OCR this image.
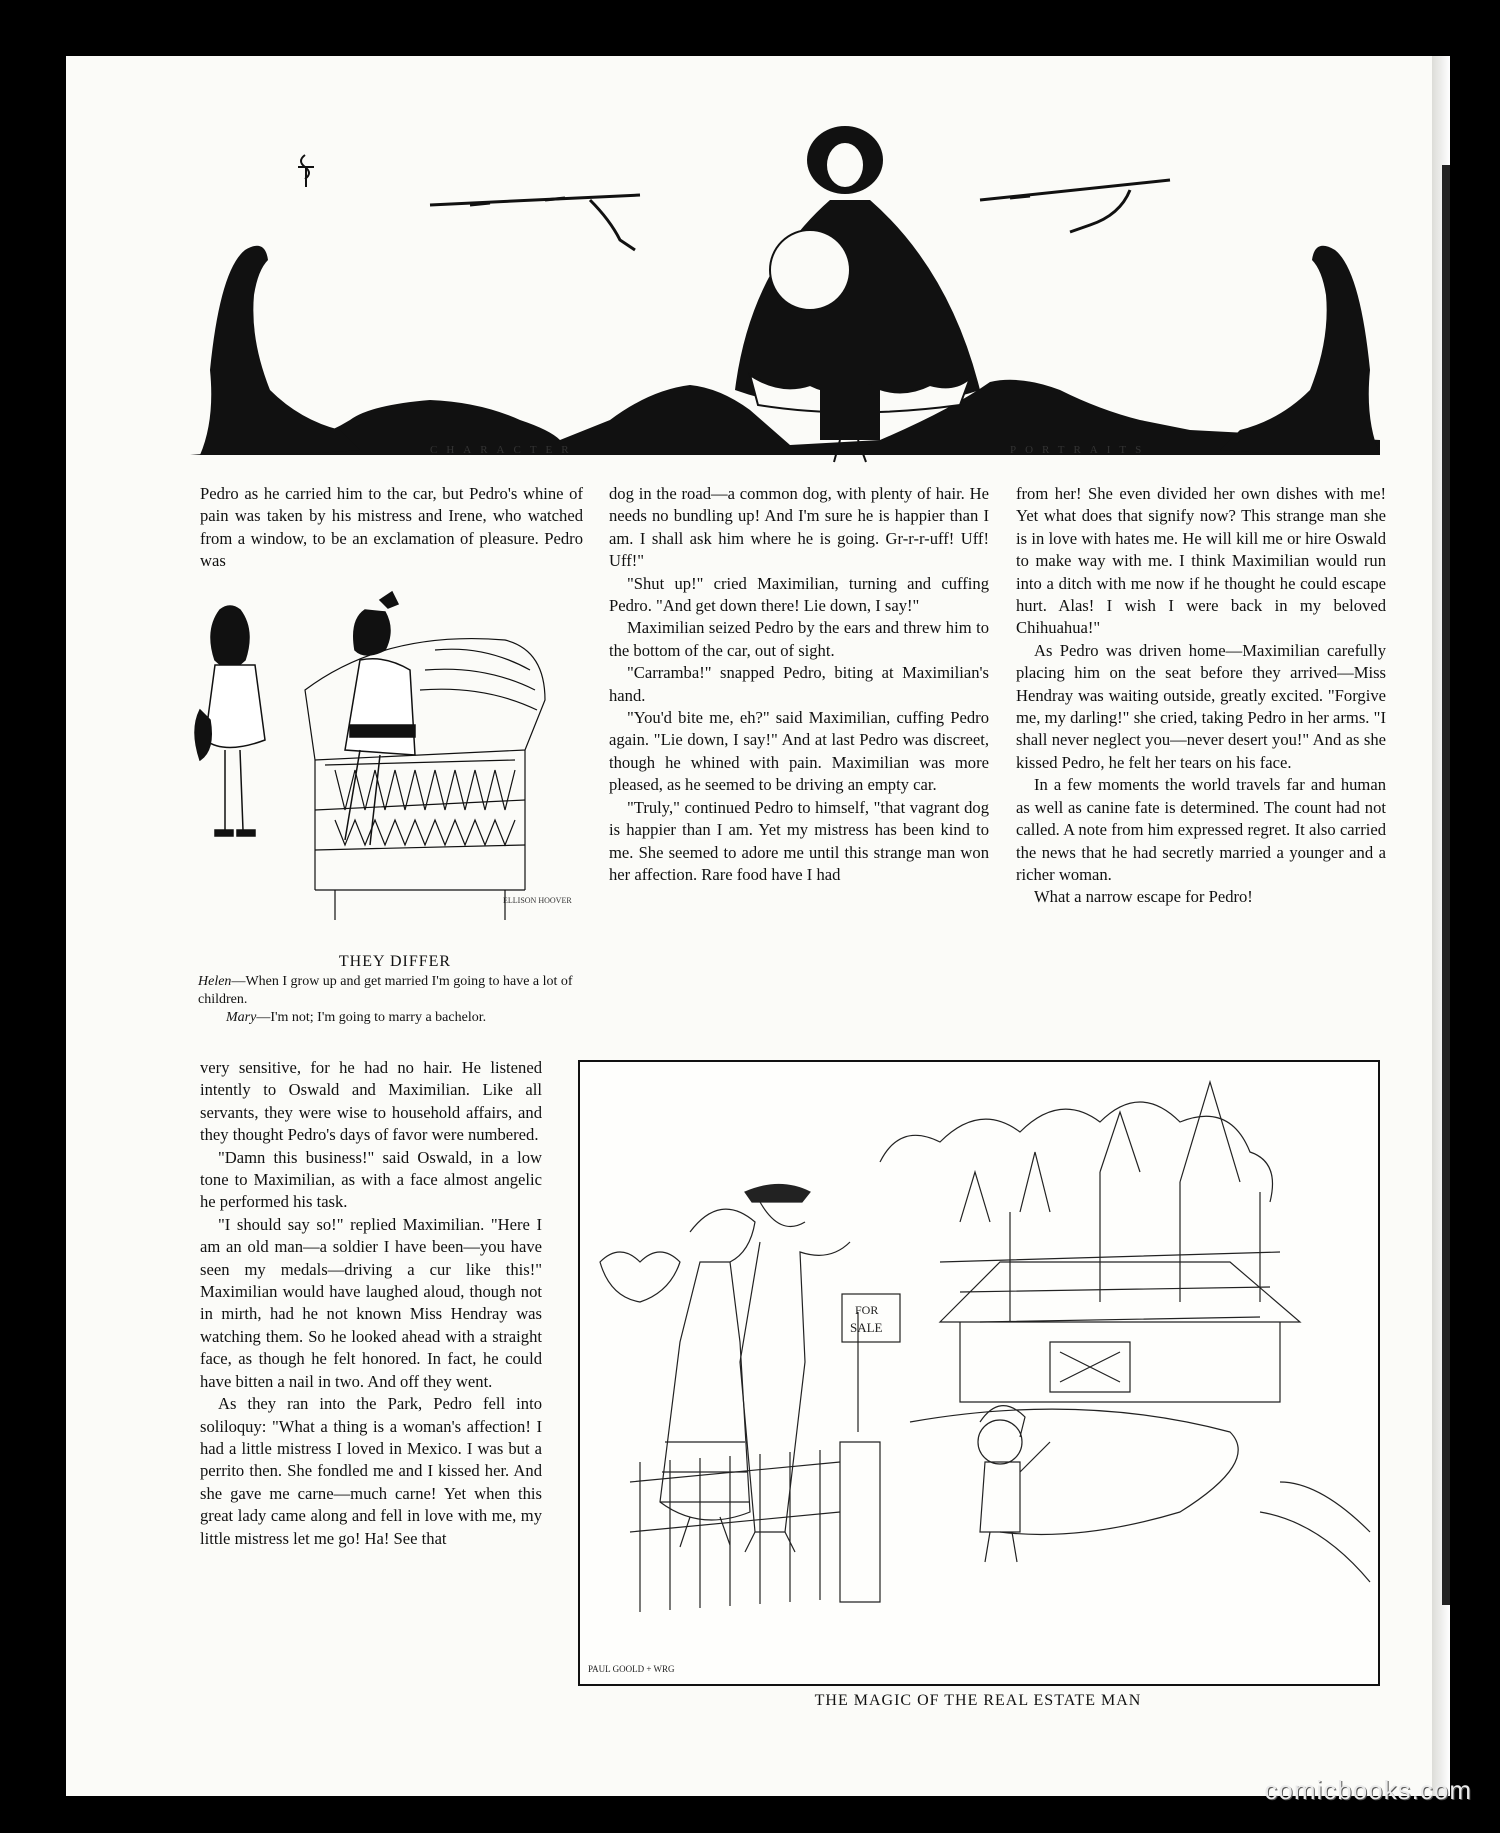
CHARACTER	PORTRAITS

Pedro as he carried him to the car, but Pedro's whine of pain was taken by his mistress and Irene, who watched from a window, to be an exclamation of pleasure. Pedro was

ELLISON HOOVER
THEY DIFFER
Helen—When I grow up and get married I'm going to have a lot of children.
Mary—I'm not; I'm going to marry a bachelor.

dog in the road—a common dog, with plenty of hair. He needs no bundling up! And I'm sure he is happier than I am. I shall ask him where he is going. Gr-r-r-uff! Uff! Uff!"

"Shut up!" cried Maximilian, turning and cuffing Pedro. "And get down there! Lie down, I say!"

Maximilian seized Pedro by the ears and threw him to the bottom of the car, out of sight.

"Carramba!" snapped Pedro, biting at Maximilian's hand.

"You'd bite me, eh?" said Maximilian, cuffing Pedro again. "Lie down, I say!" And at last Pedro was discreet, though he whined with pain. Maximilian was more pleased, as he seemed to be driving an empty car.

"Truly," continued Pedro to himself, "that vagrant dog is happier than I am. Yet my mistress has been kind to me. She seemed to adore me until this strange man won her affection. Rare food have I had

from her! She even divided her own dishes with me! Yet what does that signify now? This strange man she is in love with hates me. He will kill me or hire Oswald to make way with me. I think Maximilian would run into a ditch with me now if he thought he could escape hurt. Alas! I wish I were back in my beloved Chihuahua!"

As Pedro was driven home—Maximilian carefully placing him on the seat before they arrived—Miss Hendray was waiting outside, greatly excited. "Forgive me, my darling!" she cried, taking Pedro in her arms. "I shall never neglect you—never desert you!" And as she kissed Pedro, he felt her tears on his face.

In a few moments the world travels far and human as well as canine fate is determined. The count had not called. A note from him expressed regret. It also carried the news that he had secretly married a younger and a richer woman.

What a narrow escape for Pedro!

very sensitive, for he had no hair. He listened intently to Oswald and Maximilian. Like all servants, they were wise to household affairs, and they thought Pedro's days of favor were numbered.

"Damn this business!" said Oswald, in a low tone to Maximilian, as with a face almost angelic he performed his task.

"I should say so!" replied Maximilian. "Here I am an old man—a soldier I have been—you have seen my medals—driving a cur like this!" Maximilian would have laughed aloud, though not in mirth, had he not known Miss Hendray was watching them. So he looked ahead with a straight face, as though he felt honored. In fact, he could have bitten a nail in two. And off they went.

As they ran into the Park, Pedro fell into soliloquy: "What a thing is a woman's affection! I had a little mistress I loved in Mexico. I was but a perrito then. She fondled me and I kissed her. And she gave me carne—much carne! Yet when this great lady came along and fell in love with me, my little mistress let me go! Ha! See that

FOR
SALE
PAUL GOOLD + WRG
THE MAGIC OF THE REAL ESTATE MAN
comicbooks.com
